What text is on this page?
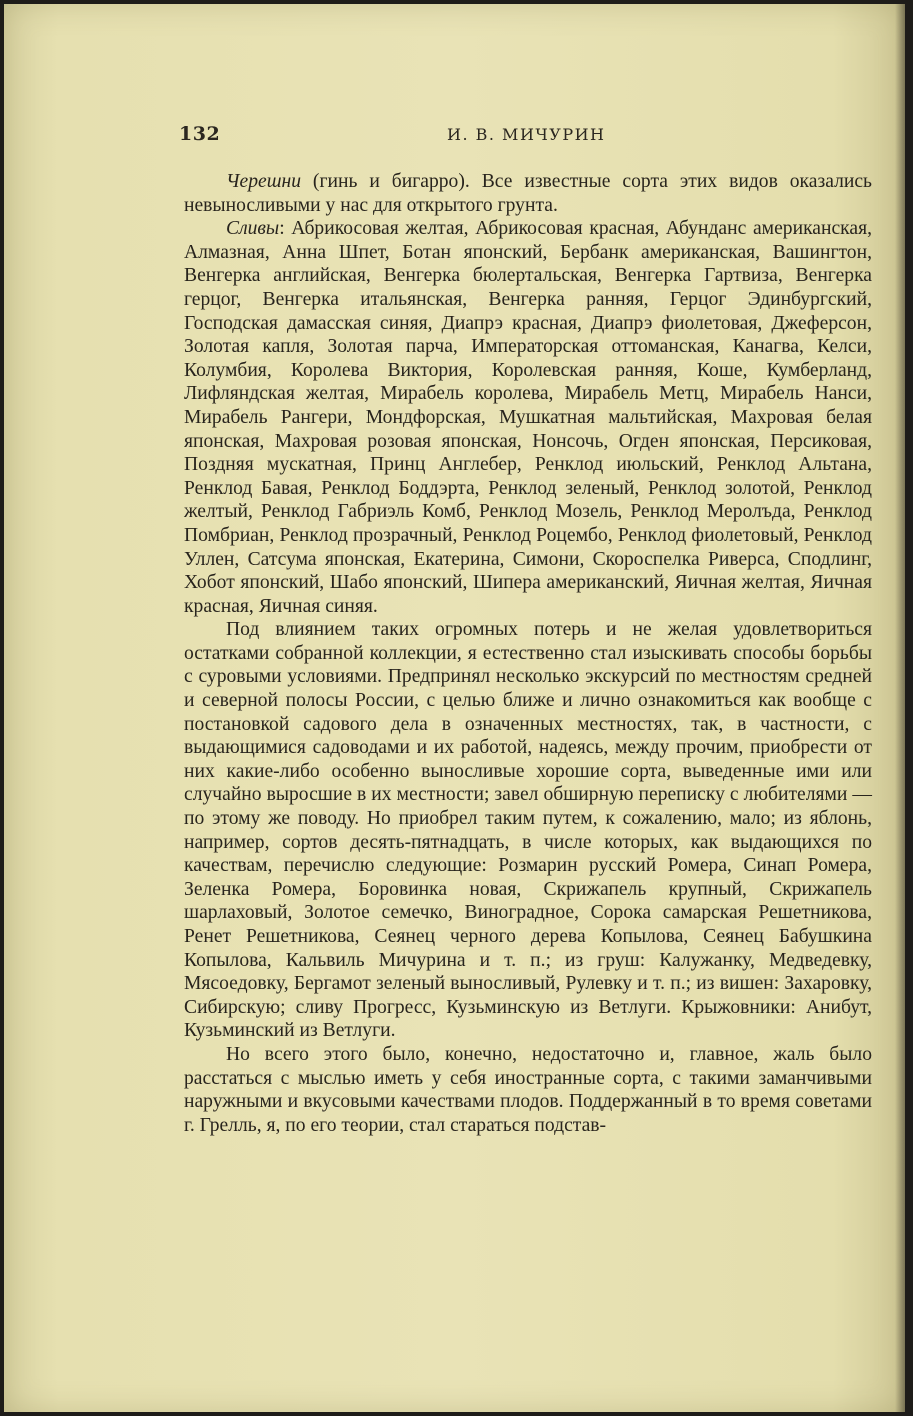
132	И. В. МИЧУРИН

Черешни (гинь и бигарро). Все известные сорта этих видов оказались невыносливыми у нас для открытого грунта.

Сливы: Абрикосовая желтая, Абрикосовая красная, Абунданс американская, Алмазная, Анна Шпет, Ботан японский, Бербанк американская, Вашингтон, Венгерка английская, Венгерка бюлертальская, Венгерка Гартвиза, Венгерка герцог, Венгерка итальянская, Венгерка ранняя, Герцог Эдинбургский, Господская дамасская синяя, Диапрэ красная, Диапрэ фиолетовая, Джеферсон, Золотая капля, Золотая парча, Императорская оттоманская, Канагва, Келси, Колумбия, Королева Виктория, Королевская ранняя, Коше, Кумберланд, Лифляндская желтая, Мирабель королева, Мирабель Метц, Мирабель Нанси, Мирабель Рангери, Мондфорская, Мушкатная мальтийская, Махровая белая японская, Махровая розовая японская, Нонсочь, Огден японская, Персиковая, Поздняя мускатная, Принц Англебер, Ренклод июльский, Ренклод Альтана, Ренклод Бавая, Ренклод Боддэрта, Ренклод зеленый, Ренклод золотой, Ренклод желтый, Ренклод Габриэль Комб, Ренклод Мозель, Ренклод Меролъда, Ренклод Помбриан, Ренклод прозрачный, Ренклод Роцембо, Ренклод фиолетовый, Ренклод Уллен, Сатсума японская, Екатерина, Симони, Скороспелка Риверса, Сподлинг, Хобот японский, Шабо японский, Шипера американский, Яичная желтая, Яичная красная, Яичная синяя.

Под влиянием таких огромных потерь и не желая удовлетвориться остатками собранной коллекции, я естественно стал изыскивать способы борьбы с суровыми условиями. Предпринял несколько экскурсий по местностям средней и северной полосы России, с целью ближе и лично ознакомиться как вообще с постановкой садового дела в означенных местностях, так, в частности, с выдающимися садоводами и их работой, надеясь, между прочим, приобрести от них какие-либо особенно выносливые хорошие сорта, выведенные ими или случайно выросшие в их местности; завел обширную переписку с любителями — по этому же поводу. Но приобрел таким путем, к сожалению, мало; из яблонь, например, сортов десять-пятнадцать, в числе которых, как выдающихся по качествам, перечислю следующие: Розмарин русский Ромера, Синап Ромера, Зеленка Ромера, Боровинка новая, Скрижапель крупный, Скрижапель шарлаховый, Золотое семечко, Виноградное, Сорока самарская Решетникова, Ренет Решетникова, Сеянец черного дерева Копылова, Сеянец Бабушкина Копылова, Кальвиль Мичурина и т. п.; из груш: Калужанку, Медведевку, Мясоедовку, Бергамот зеленый выносливый, Рулевку и т. п.; из вишен: Захаровку, Сибирскую; сливу Прогресс, Кузьминскую из Ветлуги. Крыжовники: Анибут, Кузьминский из Ветлуги.

Но всего этого было, конечно, недостаточно и, главное, жаль было расстаться с мыслью иметь у себя иностранные сорта, с такими заманчивыми наружными и вкусовыми качествами плодов. Поддержанный в то время советами г. Грелль, я, по его теории, стал стараться подстав-
